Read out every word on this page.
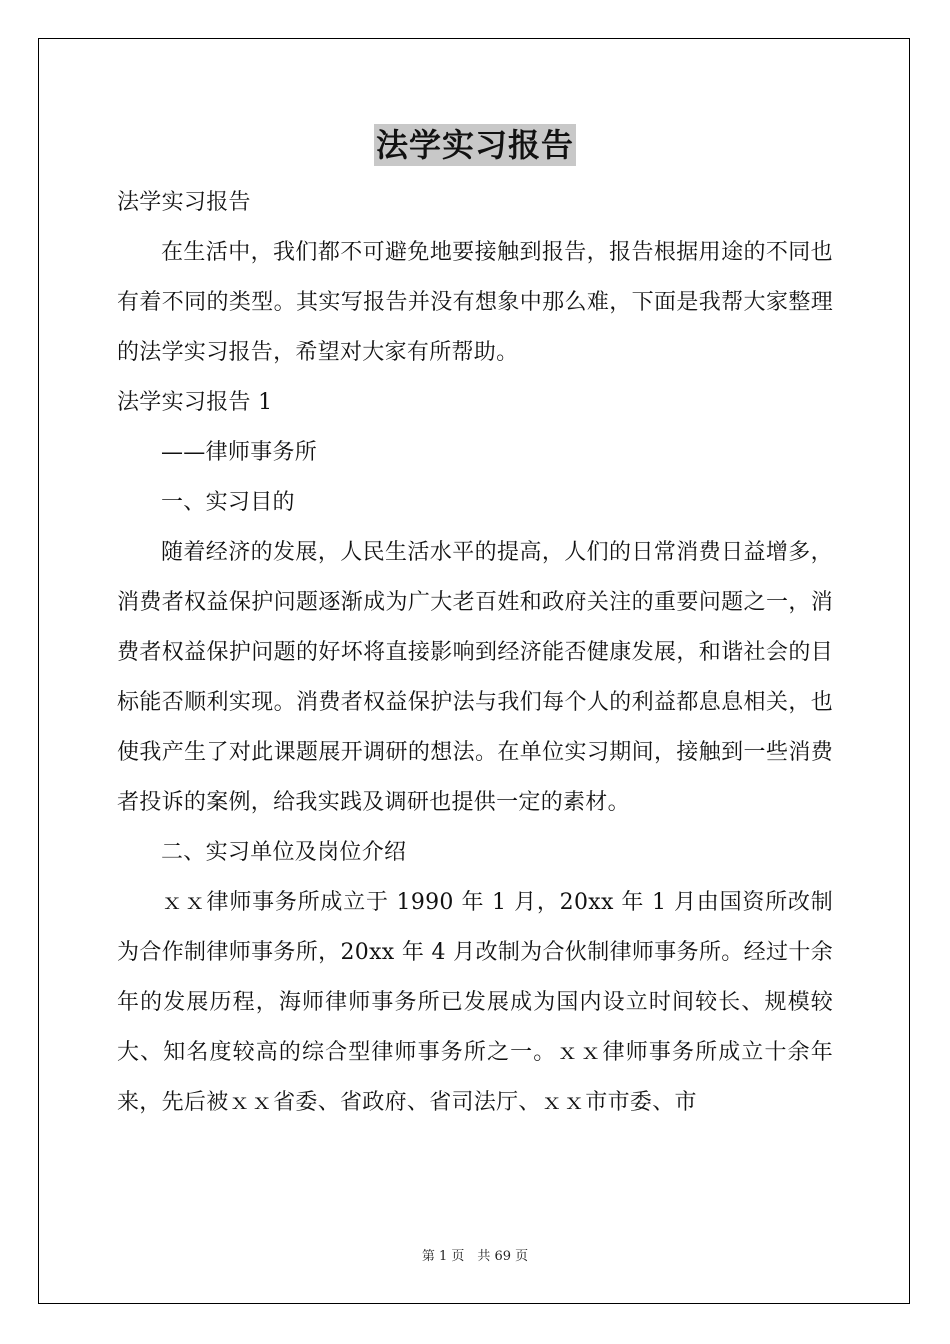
法学实习报告

法学实习报告

在生活中，我们都不可避免地要接触到报告，报告根据用途的不同也有着不同的类型。其实写报告并没有想象中那么难，下面是我帮大家整理的法学实习报告，希望对大家有所帮助。

法学实习报告 1

——律师事务所

一、实习目的

随着经济的发展，人民生活水平的提高，人们的日常消费日益增多，消费者权益保护问题逐渐成为广大老百姓和政府关注的重要问题之一，消费者权益保护问题的好坏将直接影响到经济能否健康发展，和谐社会的目标能否顺利实现。消费者权益保护法与我们每个人的利益都息息相关，也使我产生了对此课题展开调研的想法。在单位实习期间，接触到一些消费者投诉的案例，给我实践及调研也提供一定的素材。

二、实习单位及岗位介绍

ｘｘ律师事务所成立于 1990 年 1 月，20xx 年 1 月由国资所改制为合作制律师事务所，20xx 年 4 月改制为合伙制律师事务所。经过十余年的发展历程，海师律师事务所已发展成为国内设立时间较长、规模较大、知名度较高的综合型律师事务所之一。ｘｘ律师事务所成立十余年来，先后被ｘｘ省委、省政府、省司法厅、ｘｘ市市委、市

第 1 页　共 69 页
